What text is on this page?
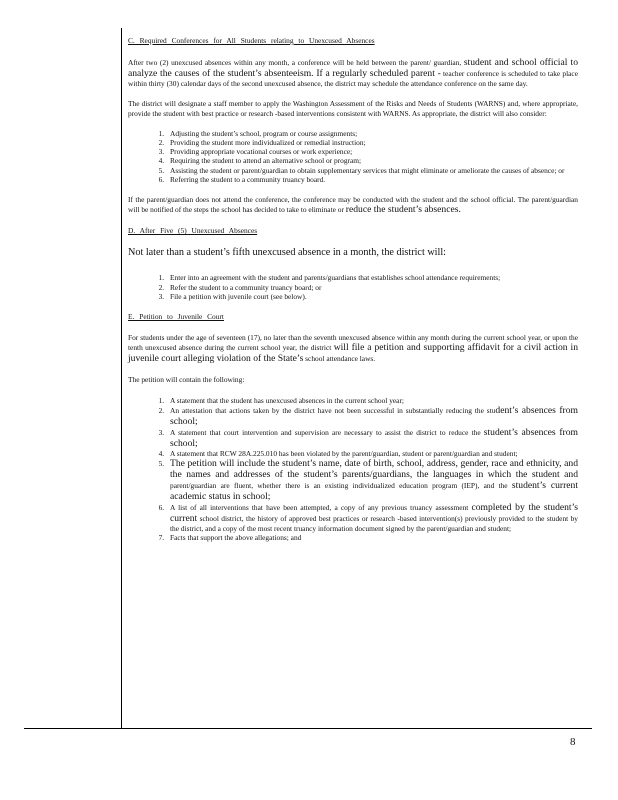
C. Required Conferences for All Students relating to Unexcused Absences
After two (2) unexcused absences within any month, a conference will be held between the parent/ guardian, student and school official to analyze the causes of the student’s absenteeism. If a regularly scheduled parent - teacher conference is scheduled to take place within thirty (30) calendar days of the second unexcused absence, the district may schedule the attendance conference on the same day.
The district will designate a staff member to apply the Washington Assessment of the Risks and Needs of Students (WARNS) and, where appropriate, provide the student with best practice or research -based interventions consistent with WARNS. As appropriate, the district will also consider:
1. Adjusting the student’s school, program or course assignments;
2. Providing the student more individualized or remedial instruction;
3. Providing appropriate vocational courses or work experience;
4. Requiring the student to attend an alternative school or program;
5. Assisting the student or parent/guardian to obtain supplementary services that might eliminate or ameliorate the causes of absence; or
6. Referring the student to a community truancy board.
If the parent/guardian does not attend the conference, the conference may be conducted with the student and the school official. The parent/guardian will be notified of the steps the school has decided to take to eliminate or reduce the student’s absences.
D. After Five (5) Unexcused Absences
Not later than a student’s fifth unexcused absence in a month, the district will:
1. Enter into an agreement with the student and parents/guardians that establishes school attendance requirements;
2. Refer the student to a community truancy board; or
3. File a petition with juvenile court (see below).
E. Petition to Juvenile Court
For students under the age of seventeen (17), no later than the seventh unexcused absence within any month during the current school year, or upon the tenth unexcused absence during the current school year, the district will file a petition and supporting affidavit for a civil action in juvenile court alleging violation of the State’s school attendance laws.
The petition will contain the following:
1. A statement that the student has unexcused absences in the current school year;
2. An attestation that actions taken by the district have not been successful in substantially reducing the student’s absences from school;
3. A statement that court intervention and supervision are necessary to assist the district to reduce the student’s absences from school;
4. A statement that RCW 28A.225.010 has been violated by the parent/guardian, student or parent/guardian and student;
5. The petition will include the student’s name, date of birth, school, address, gender, race and ethnicity, and the names and addresses of the student’s parents/guardians, the languages in which the student and parent/guardian are fluent, whether there is an existing individualized education program (IEP), and the student’s current academic status in school;
6. A list of all interventions that have been attempted, a copy of any previous truancy assessment completed by the student’s current school district, the history of approved best practices or research -based intervention(s) previously provided to the student by the district, and a copy of the most recent truancy information document signed by the parent/guardian and student;
7. Facts that support the above allegations; and
8
